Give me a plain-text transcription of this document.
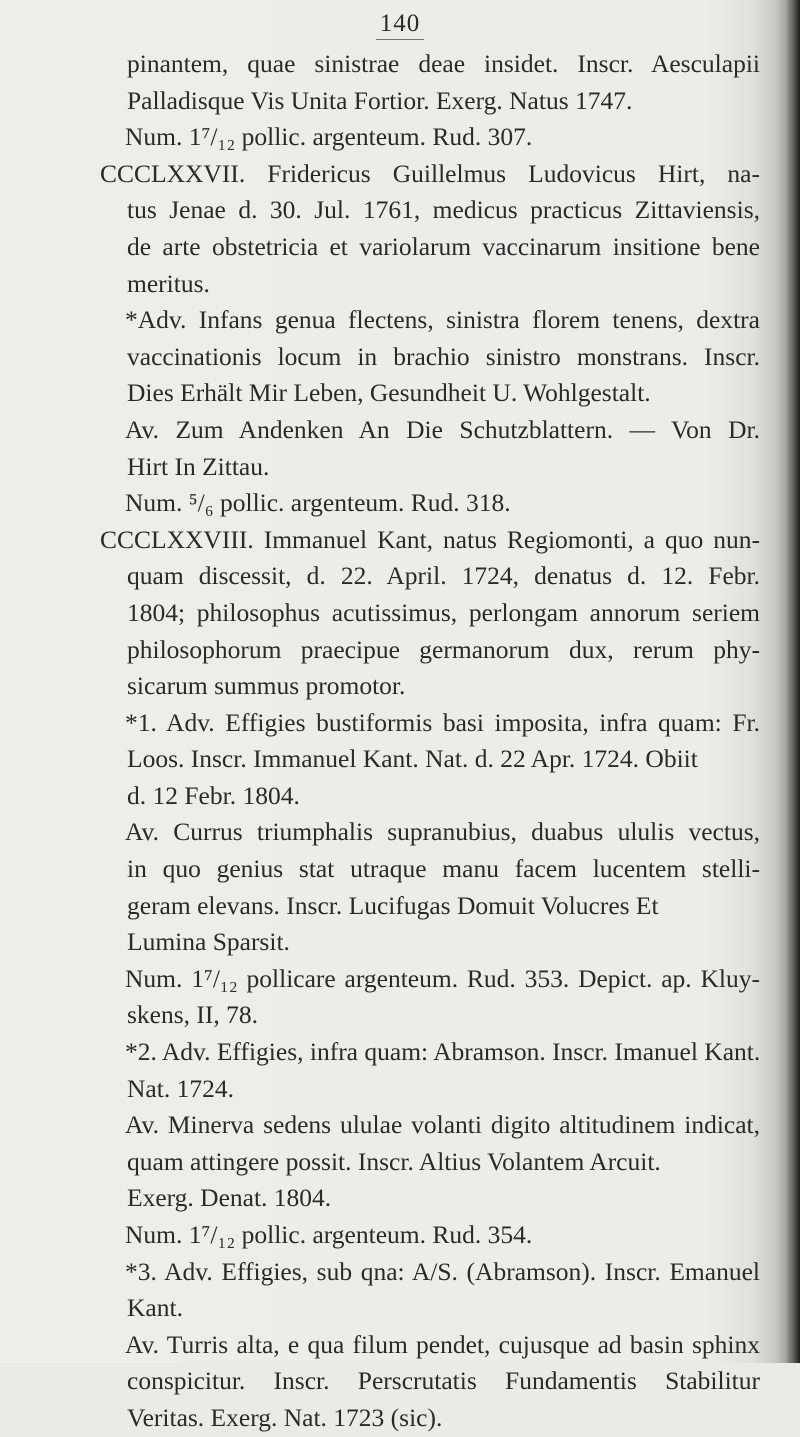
140
pinantem, quae sinistrae deae insidet. Inscr. Aesculapii
Palladisque Vis Unita Fortior. Exerg. Natus 1747.
Num. 1⁷/₁₂ pollic. argenteum. Rud. 307.
CCCLXXVII. Fridericus Guillelmus Ludovicus Hirt, na-
tus Jenae d. 30. Jul. 1761, medicus practicus Zittaviensis,
de arte obstetricia et variolarum vaccinarum insitione bene
meritus.
*Adv. Infans genua flectens, sinistra florem tenens, dextra
vaccinationis locum in brachio sinistro monstrans. Inscr.
Dies Erhält Mir Leben, Gesundheit U. Wohlgestalt.
Av. Zum Andenken An Die Schutzblattern. — Von Dr.
Hirt In Zittau.
Num. ⁵/₆ pollic. argenteum. Rud. 318.
CCCLXXVIII. Immanuel Kant, natus Regiomonti, a quo nun-
quam discessit, d. 22. April. 1724, denatus d. 12. Febr.
1804; philosophus acutissimus, perlongam annorum seriem
philosophorum praecipue germanorum dux, rerum phy-
sicarum summus promotor.
*1. Adv. Effigies bustiformis basi imposita, infra quam: Fr.
Loos. Inscr. Immanuel Kant. Nat. d. 22 Apr. 1724. Obiit
d. 12 Febr. 1804.
Av. Currus triumphalis supranubius, duabus ululis vectus,
in quo genius stat utraque manu facem lucentem stelli-
geram elevans. Inscr. Lucifugas Domuit Volucres Et
Lumina Sparsit.
Num. 1⁷/₁₂ pollicare argenteum. Rud. 353. Depict. ap. Kluy-
skens, II, 78.
*2. Adv. Effigies, infra quam: Abramson. Inscr. Imanuel Kant.
Nat. 1724.
Av. Minerva sedens ululae volanti digito altitudinem indicat,
quam attingere possit. Inscr. Altius Volantem Arcuit.
Exerg. Denat. 1804.
Num. 1⁷/₁₂ pollic. argenteum. Rud. 354.
*3. Adv. Effigies, sub qna: A/S. (Abramson). Inscr. Emanuel
Kant.
Av. Turris alta, e qua filum pendet, cujusque ad basin sphinx
conspicitur. Inscr. Perscrutatis Fundamentis Stabilitur
Veritas. Exerg. Nat. 1723 (sic).
